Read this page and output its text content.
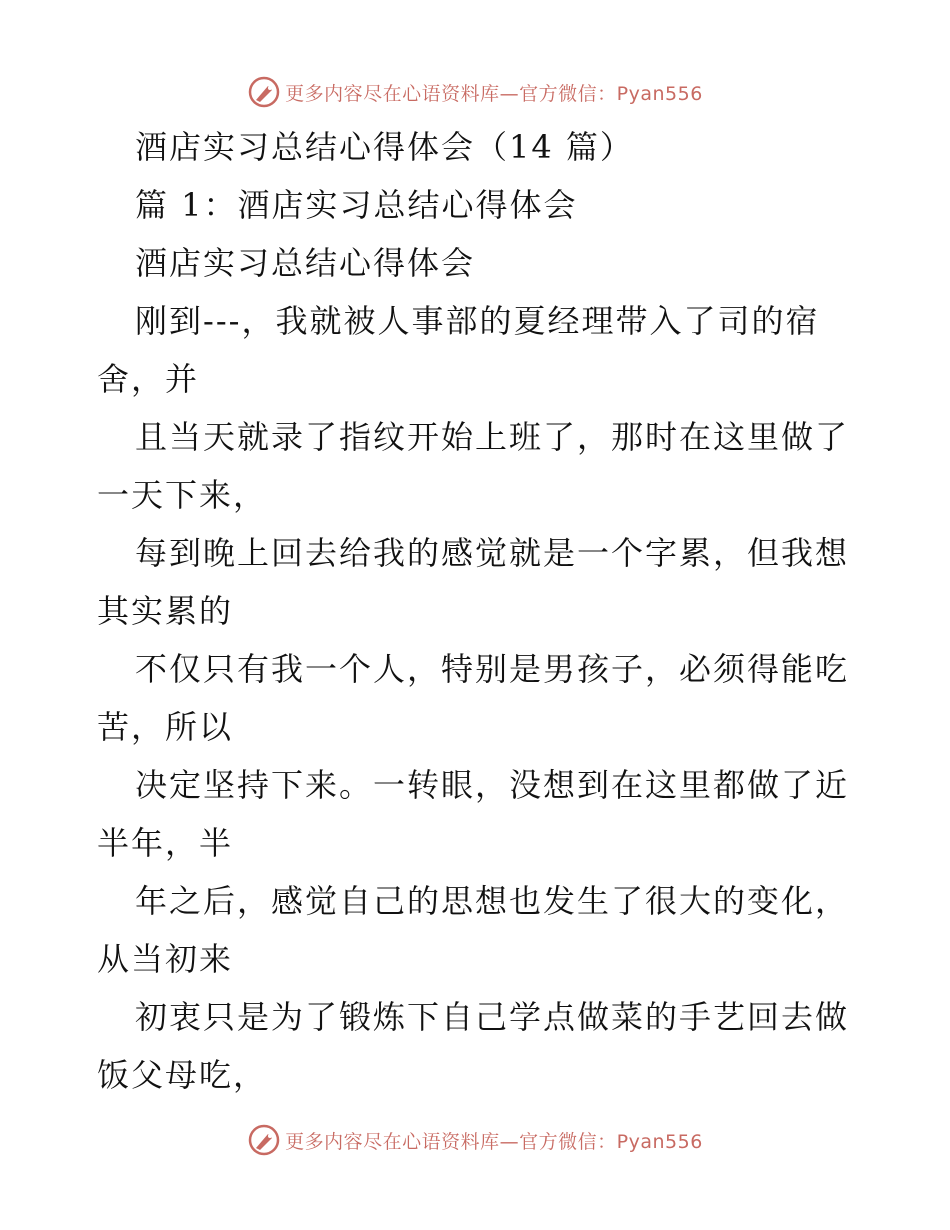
更多内容尽在心语资料库—官方微信：Pyan556
酒店实习总结心得体会（14 篇）
篇 1：酒店实习总结心得体会
酒店实习总结心得体会
刚到---，我就被人事部的夏经理带入了司的宿
舍，并
且当天就录了指纹开始上班了，那时在这里做了
一天下来，
每到晚上回去给我的感觉就是一个字累，但我想
其实累的
不仅只有我一个人，特别是男孩子，必须得能吃
苦，所以
决定坚持下来。一转眼，没想到在这里都做了近
半年，半
年之后，感觉自己的思想也发生了很大的变化，
从当初来
初衷只是为了锻炼下自己学点做菜的手艺回去做
饭父母吃，
更多内容尽在心语资料库—官方微信：Pyan556
